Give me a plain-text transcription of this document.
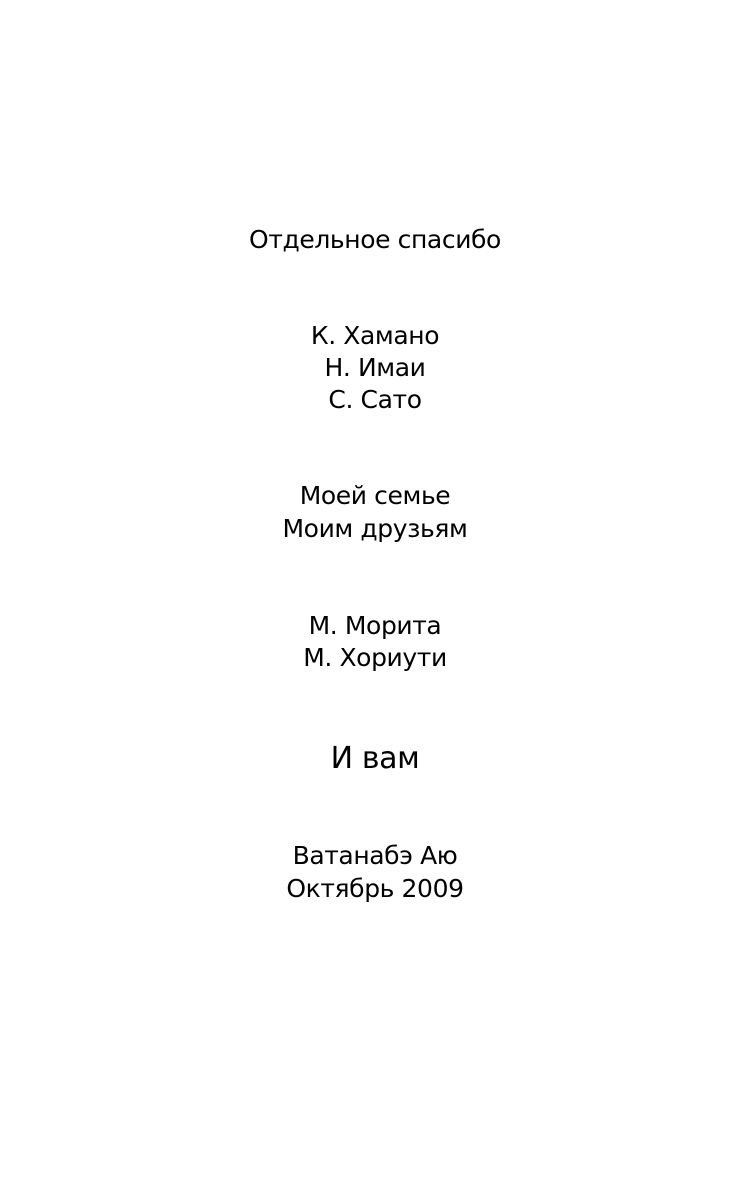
Отдельное спасибо
К. Хамано
Н. Имаи
С. Сато
Моей семье
Моим друзьям
М. Морита
М. Хориути
И вам
Ватанабэ Аю
Октябрь 2009
